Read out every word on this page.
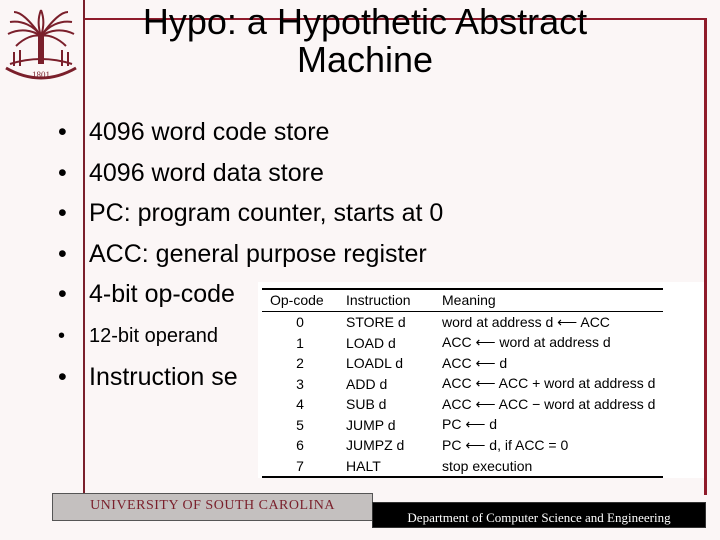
1801
Hypo: a Hypothetic Abstract Machine
• 4096 word code store
• 4096 word data store
• PC: program counter, starts at 0
• ACC: general purpose register
• 4-bit op-code
• 12-bit operand
• Instruction se
Op-code	Instruction	Meaning
0	STORE d	word at address d ⟵ ACC
1	LOAD d	ACC ⟵ word at address d
2	LOADL d	ACC ⟵ d
3	ADD d	ACC ⟵ ACC + word at address d
4	SUB d	ACC ⟵ ACC − word at address d
5	JUMP d	PC ⟵ d
6	JUMPZ d	PC ⟵ d, if ACC = 0
7	HALT	stop execution
UNIVERSITY OF SOUTH CAROLINA
Department of Computer Science and Engineering
